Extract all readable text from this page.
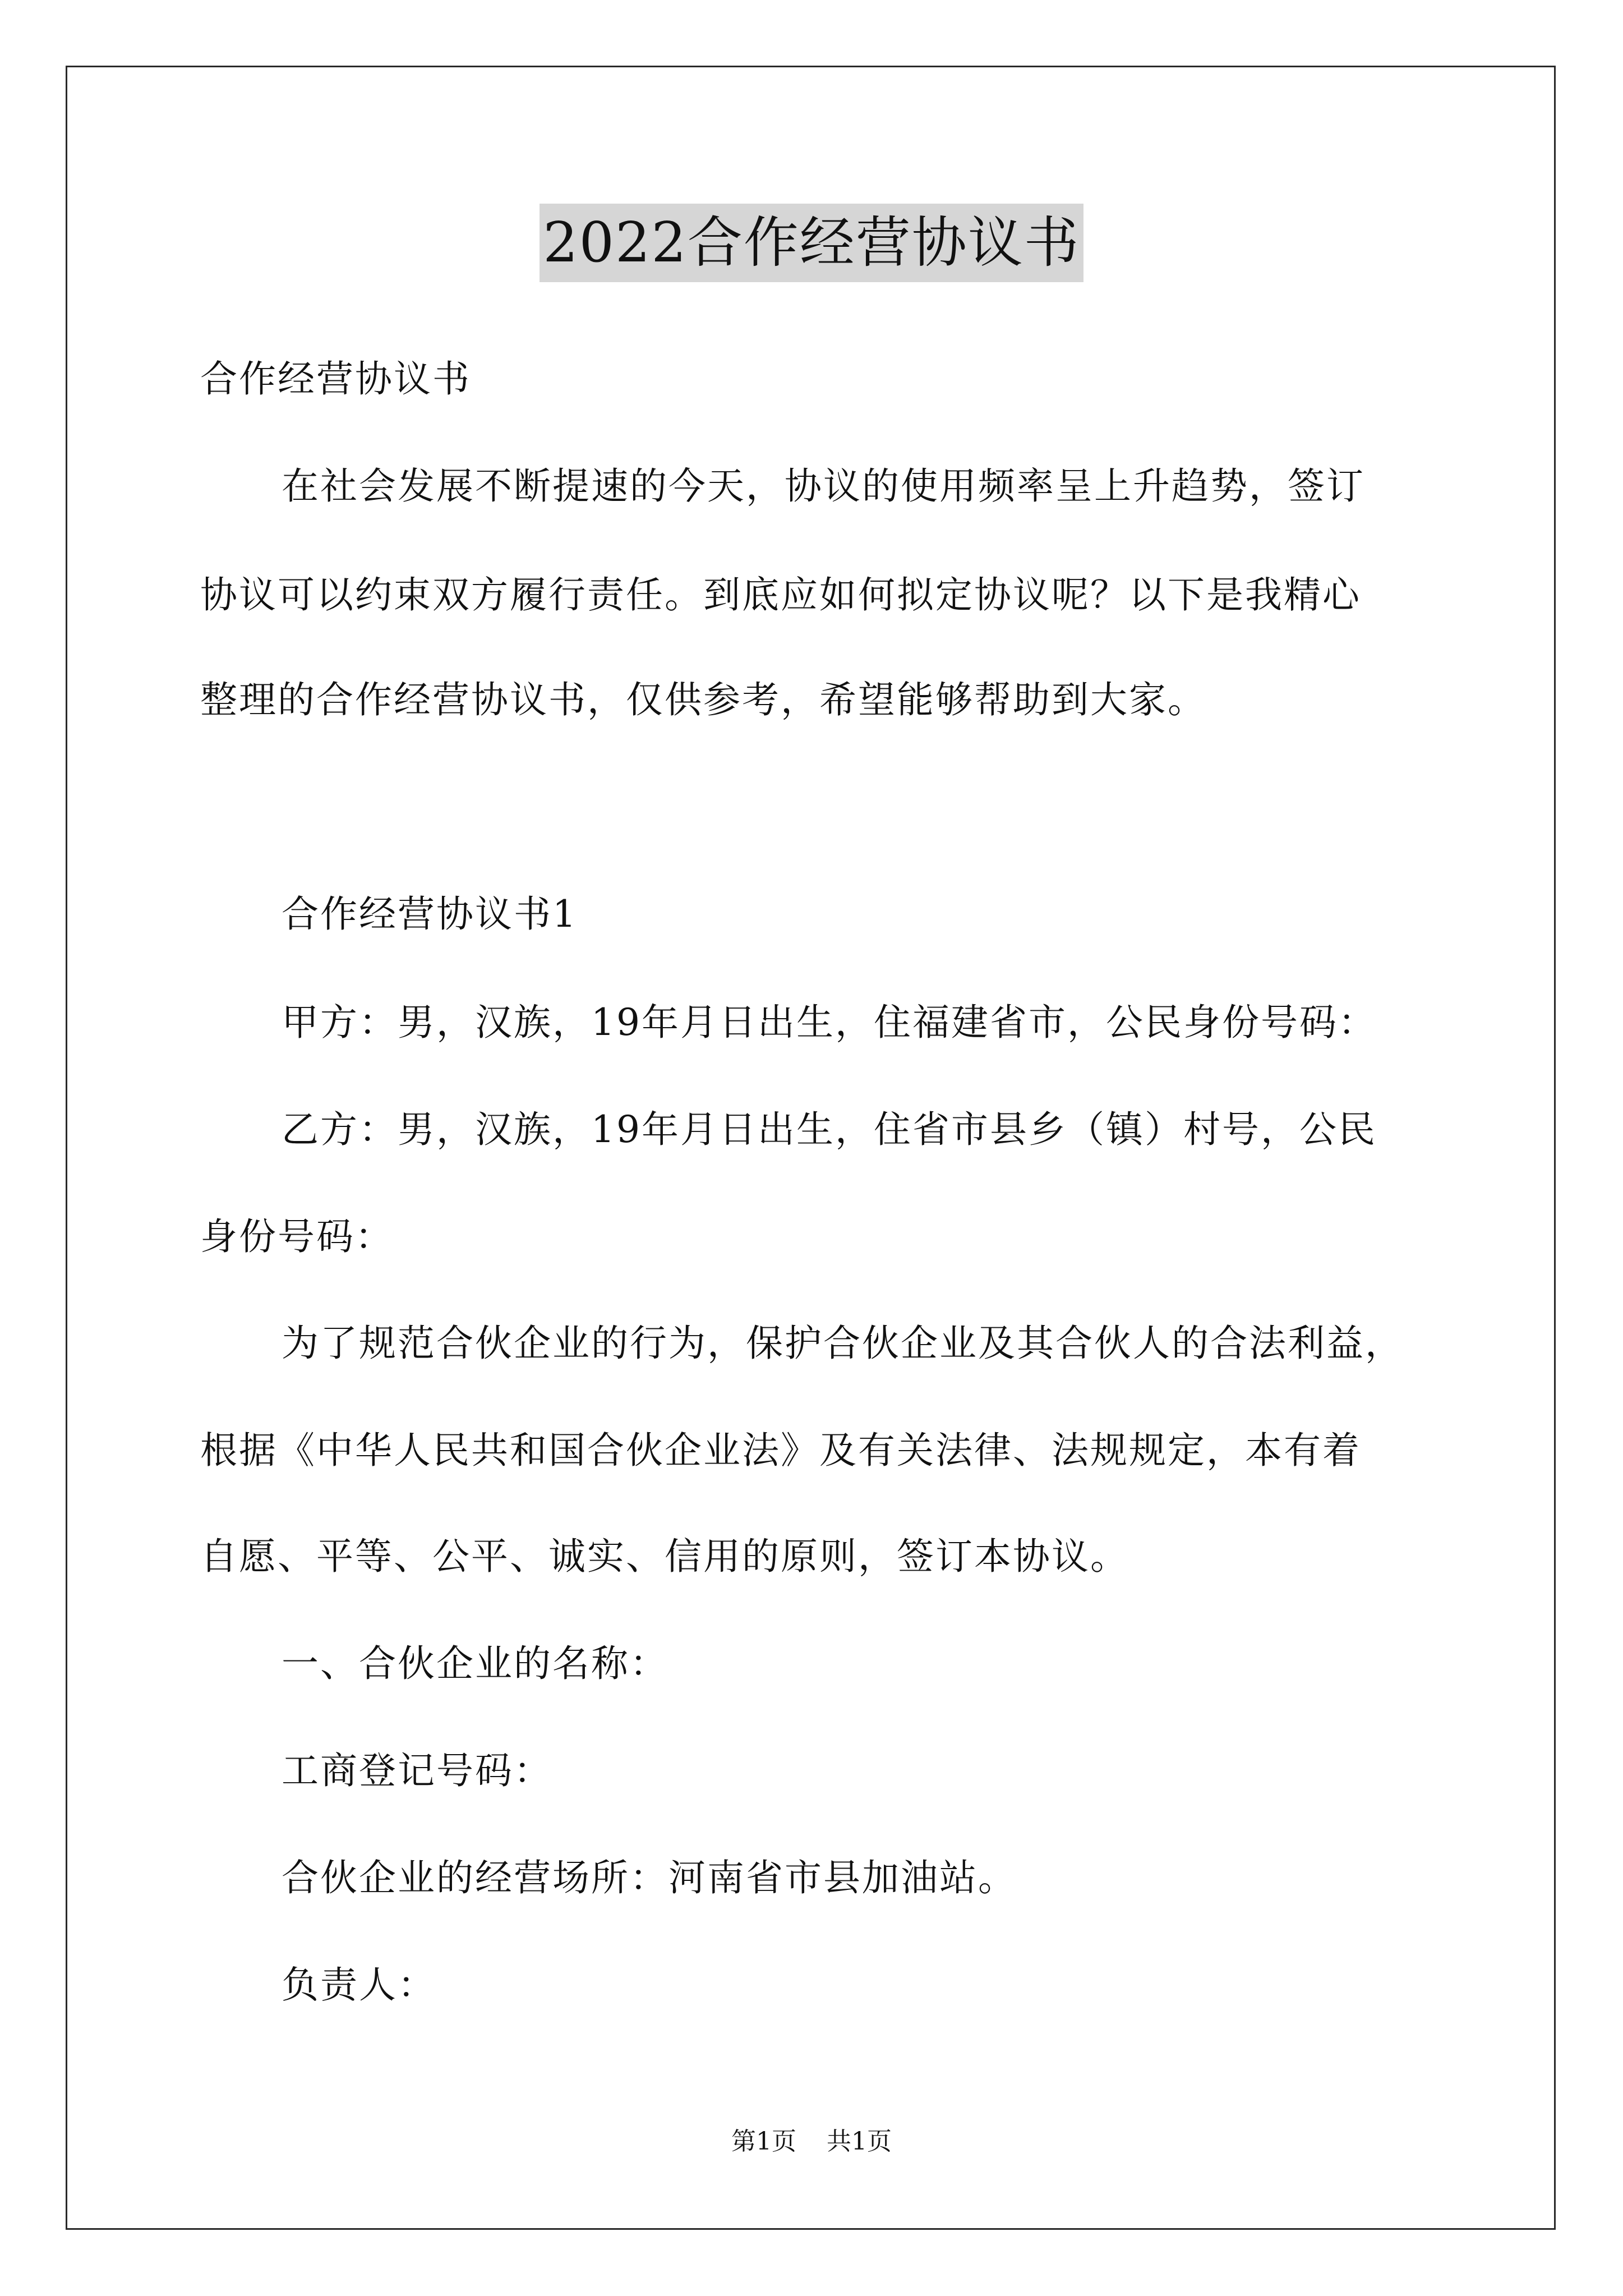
2022合作经营协议书
合作经营协议书
在社会发展不断提速的今天，协议的使用频率呈上升趋势，签订
协议可以约束双方履行责任。到底应如何拟定协议呢？以下是我精心
整理的合作经营协议书，仅供参考，希望能够帮助到大家。
合作经营协议书1
甲方：男，汉族，19年月日出生，住福建省市，公民身份号码：
乙方：男，汉族，19年月日出生，住省市县乡（镇）村号，公民
身份号码：
为了规范合伙企业的行为，保护合伙企业及其合伙人的合法利益，
根据《中华人民共和国合伙企业法》及有关法律、法规规定，本有着
自愿、平等、公平、诚实、信用的原则，签订本协议。
一、合伙企业的名称：
工商登记号码：
合伙企业的经营场所：河南省市县加油站。
负责人：
第1页 共1页
